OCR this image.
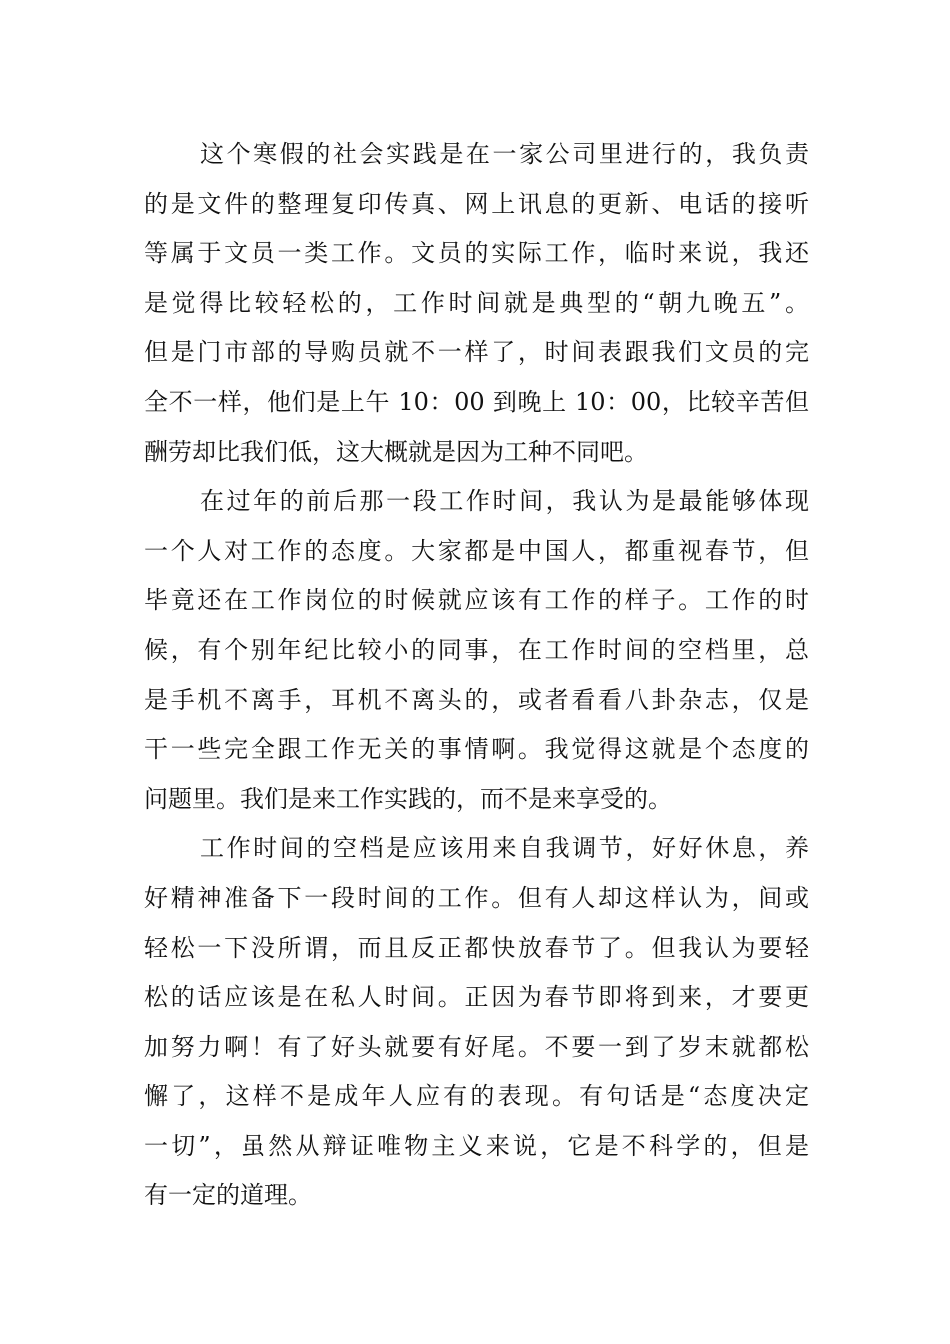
这个寒假的社会实践是在一家公司里进行的，我负责
的是文件的整理复印传真、网上讯息的更新、电话的接听
等属于文员一类工作。文员的实际工作，临时来说，我还
是觉得比较轻松的，工作时间就是典型的“朝九晚五”。
但是门市部的导购员就不一样了，时间表跟我们文员的完
全不一样，他们是上午 10：00 到晚上 10：00，比较辛苦但
酬劳却比我们低，这大概就是因为工种不同吧。
在过年的前后那一段工作时间，我认为是最能够体现
一个人对工作的态度。大家都是中国人，都重视春节，但
毕竟还在工作岗位的时候就应该有工作的样子。工作的时
候，有个别年纪比较小的同事，在工作时间的空档里，总
是手机不离手，耳机不离头的，或者看看八卦杂志，仅是
干一些完全跟工作无关的事情啊。我觉得这就是个态度的
问题里。我们是来工作实践的，而不是来享受的。
工作时间的空档是应该用来自我调节，好好休息，养
好精神准备下一段时间的工作。但有人却这样认为，间或
轻松一下没所谓，而且反正都快放春节了。但我认为要轻
松的话应该是在私人时间。正因为春节即将到来，才要更
加努力啊！有了好头就要有好尾。不要一到了岁末就都松
懈了，这样不是成年人应有的表现。有句话是“态度决定
一切”，虽然从辩证唯物主义来说，它是不科学的，但是
有一定的道理。
